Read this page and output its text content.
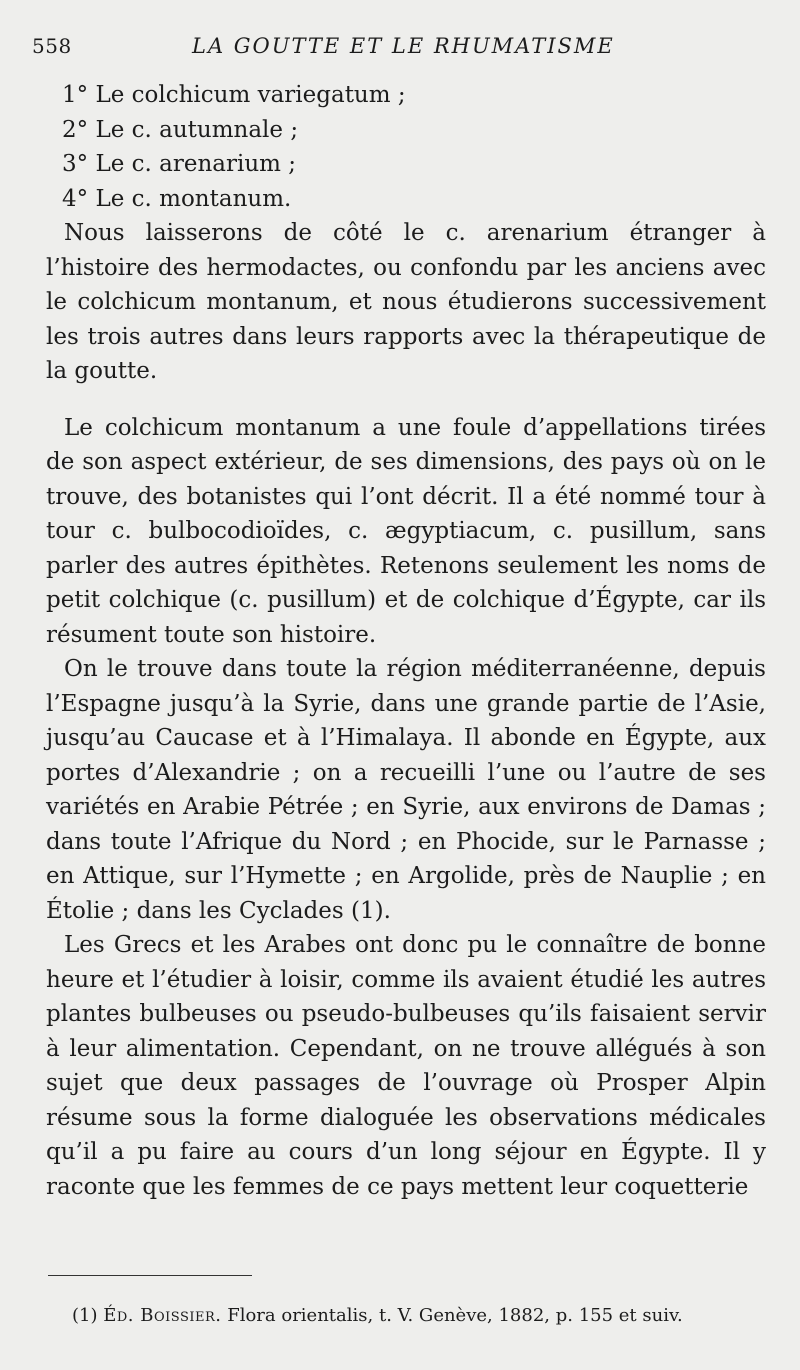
558	LA GOUTTE ET LE RHUMATISME
1° Le colchicum variegatum ;
2° Le c. autumnale ;
3° Le c. arenarium ;
4° Le c. montanum.

Nous laisserons de côté le c. arenarium étranger à l’histoire des hermodactes, ou confondu par les anciens avec le colchicum montanum, et nous étudierons successivement les trois autres dans leurs rapports avec la thérapeutique de la goutte.

Le colchicum montanum a une foule d’appellations tirées de son aspect extérieur, de ses dimensions, des pays où on le trouve, des botanistes qui l’ont décrit. Il a été nommé tour à tour c. bulbocodioïdes, c. ægyptiacum, c. pusillum, sans parler des autres épithètes. Retenons seulement les noms de petit colchique (c. pusillum) et de colchique d’Égypte, car ils résument toute son histoire.

On le trouve dans toute la région méditerranéenne, depuis l’Espagne jusqu’à la Syrie, dans une grande partie de l’Asie, jusqu’au Caucase et à l’Himalaya. Il abonde en Égypte, aux portes d’Alexandrie ; on a recueilli l’une ou l’autre de ses variétés en Arabie Pétrée ; en Syrie, aux environs de Damas ; dans toute l’Afrique du Nord ; en Phocide, sur le Parnasse ; en Attique, sur l’Hymette ; en Argolide, près de Nauplie ; en Étolie ; dans les Cyclades (1).

Les Grecs et les Arabes ont donc pu le connaître de bonne heure et l’étudier à loisir, comme ils avaient étudié les autres plantes bulbeuses ou pseudo-bulbeuses qu’ils faisaient servir à leur alimentation. Cependant, on ne trouve allégués à son sujet que deux passages de l’ouvrage où Prosper Alpin résume sous la forme dialoguée les observations médicales qu’il a pu faire au cours d’un long séjour en Égypte. Il y raconte que les femmes de ce pays mettent leur coquetterie

(1) Éd. Boissier. Flora orientalis, t. V. Genève, 1882, p. 155 et suiv.
